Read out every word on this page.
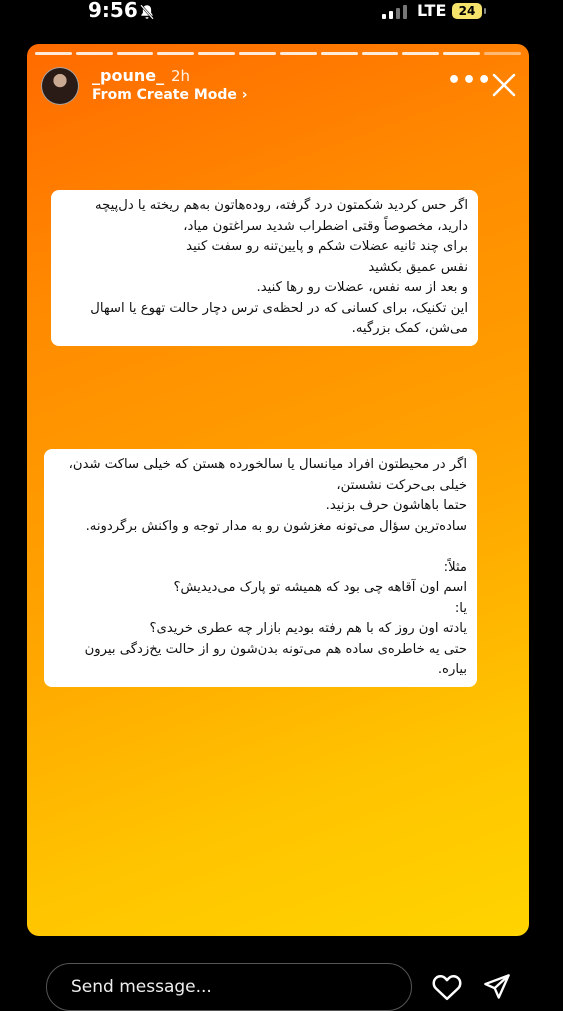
9:56	LTE	24
_poune_ 2h
From Create Mode ›
•••
اگر حس کردید شکمتون درد گرفته، روده‌هاتون به‌هم ریخته یا دل‌پیچه
دارید، مخصوصاً وقتی اضطراب شدید سراغتون میاد،
برای چند ثانیه عضلات شکم و پایین‌تنه رو سفت کنید
نفس عمیق بکشید
و بعد از سه نفس، عضلات رو رها کنید.
این تکنیک، برای کسانی که در لحظه‌ی ترس دچار حالت تهوع یا اسهال
می‌شن، کمک بزرگیه.
اگر در محیطتون افراد میانسال یا سالخورده هستن که خیلی ساکت شدن،
خیلی بی‌حرکت نشستن،
حتما باهاشون حرف بزنید.
ساده‌ترین سؤال می‌تونه مغزشون رو به مدار توجه و واکنش برگردونه.

مثلاً:
اسم اون آقاهه چی بود که همیشه تو پارک می‌دیدیش؟
یا:
یادته اون روز که با هم رفته بودیم بازار چه عطری خریدی؟
حتی یه خاطره‌ی ساده هم می‌تونه بدن‌شون رو از حالت یخ‌زدگی بیرون
بیاره.
Send message...
